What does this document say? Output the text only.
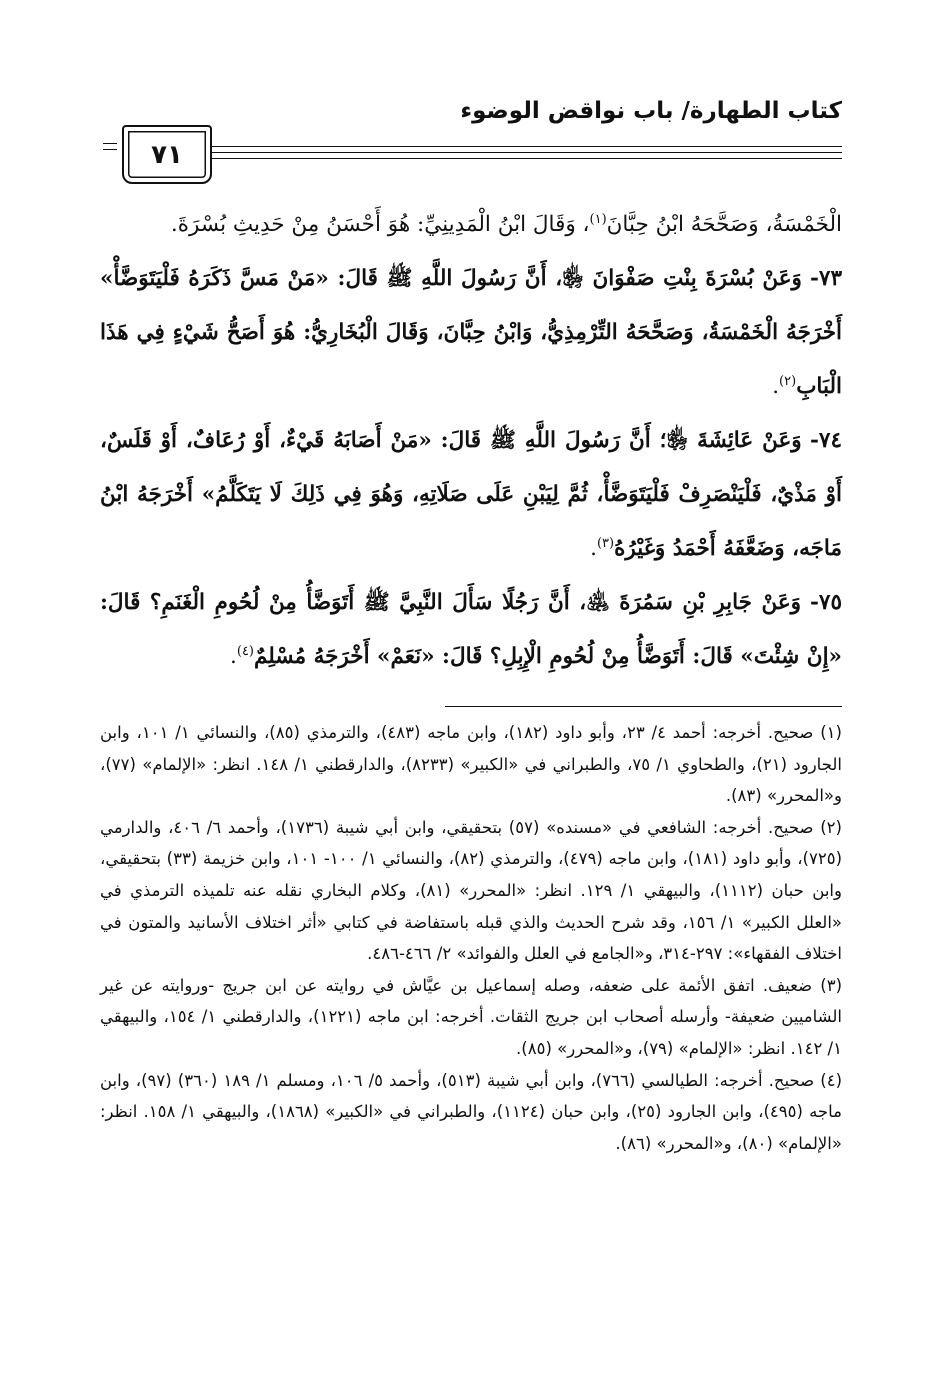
كتاب الطهارة/ باب نواقض الوضوء
٧١

الْخَمْسَةُ، وَصَحَّحَهُ ابْنُ حِبَّانَ$^{(١)}$، وَقَالَ ابْنُ الْمَدِينِيِّ: هُوَ أَحْسَنُ مِنْ حَدِيثِ بُسْرَةَ.

٧٣- وَعَنْ بُسْرَةَ بِنْتِ صَفْوَانَ ﵂، أَنَّ رَسُولَ اللَّهِ ﷺ قَالَ: «مَنْ مَسَّ ذَكَرَهُ فَلْيَتَوَضَّأْ» أَخْرَجَهُ الْخَمْسَةُ، وَصَحَّحَهُ التِّرْمِذِيُّ، وَابْنُ حِبَّانَ، وَقَالَ الْبُخَارِيُّ: هُوَ أَصَحُّ شَيْءٍ فِي هَذَا الْبَابِ$^{(٢)}$.

٧٤- وَعَنْ عَائِشَةَ ﵂؛ أَنَّ رَسُولَ اللَّهِ ﷺ قَالَ: «مَنْ أَصَابَهُ قَيْءٌ، أَوْ رُعَافٌ، أَوْ قَلَسٌ، أَوْ مَذْيٌ، فَلْيَنْصَرِفْ فَلْيَتَوَضَّأْ، ثُمَّ لِيَبْنِ عَلَى صَلَاتِهِ، وَهُوَ فِي ذَلِكَ لَا يَتَكَلَّمُ» أَخْرَجَهُ ابْنُ مَاجَه، وَضَعَّفَهُ أَحْمَدُ وَغَيْرُهُ$^{(٣)}$.

٧٥- وَعَنْ جَابِرِ بْنِ سَمُرَةَ ﵁، أَنَّ رَجُلًا سَأَلَ النَّبِيَّ ﷺ أَتَوَضَّأُ مِنْ لُحُومِ الْغَنَمِ؟ قَالَ: «إِنْ شِئْتَ» قَالَ: أَتَوَضَّأُ مِنْ لُحُومِ الْإِبِلِ؟ قَالَ: «نَعَمْ» أَخْرَجَهُ مُسْلِمٌ$^{(٤)}$.

(١) صحيح. أخرجه: أحمد ٤/ ٢٣، وأبو داود (١٨٢)، وابن ماجه (٤٨٣)، والترمذي (٨٥)، والنسائي ١/ ١٠١، وابن الجارود (٢١)، والطحاوي ١/ ٧٥، والطبراني في «الكبير» (٨٢٣٣)، والدارقطني ١/ ١٤٨. انظر: «الإلمام» (٧٧)، و«المحرر» (٨٣).

(٢) صحيح. أخرجه: الشافعي في «مسنده» (٥٧) بتحقيقي، وابن أبي شيبة (١٧٣٦)، وأحمد ٦/ ٤٠٦، والدارمي (٧٢٥)، وأبو داود (١٨١)، وابن ماجه (٤٧٩)، والترمذي (٨٢)، والنسائي ١/ ١٠٠- ١٠١، وابن خزيمة (٣٣) بتحقيقي، وابن حبان (١١١٢)، والبيهقي ١/ ١٢٩. انظر: «المحرر» (٨١)، وكلام البخاري نقله عنه تلميذه الترمذي في «العلل الكبير» ١/ ١٥٦، وقد شرح الحديث والذي قبله باستفاضة في كتابي «أثر اختلاف الأسانيد والمتون في اختلاف الفقهاء»: ٢٩٧-٣١٤، و«الجامع في العلل والفوائد» ٢/ ٤٦٦-٤٨٦.

(٣) ضعيف. اتفق الأئمة على ضعفه، وصله إسماعيل بن عيَّاش في روايته عن ابن جريج -وروايته عن غير الشاميين ضعيفة- وأرسله أصحاب ابن جريج الثقات. أخرجه: ابن ماجه (١٢٢١)، والدارقطني ١/ ١٥٤، والبيهقي ١/ ١٤٢. انظر: «الإلمام» (٧٩)، و«المحرر» (٨٥).

(٤) صحيح. أخرجه: الطيالسي (٧٦٦)، وابن أبي شيبة (٥١٣)، وأحمد ٥/ ١٠٦، ومسلم ١/ ١٨٩ (٣٦٠) (٩٧)، وابن ماجه (٤٩٥)، وابن الجارود (٢٥)، وابن حبان (١١٢٤)، والطبراني في «الكبير» (١٨٦٨)، والبيهقي ١/ ١٥٨. انظر: «الإلمام» (٨٠)، و«المحرر» (٨٦).
